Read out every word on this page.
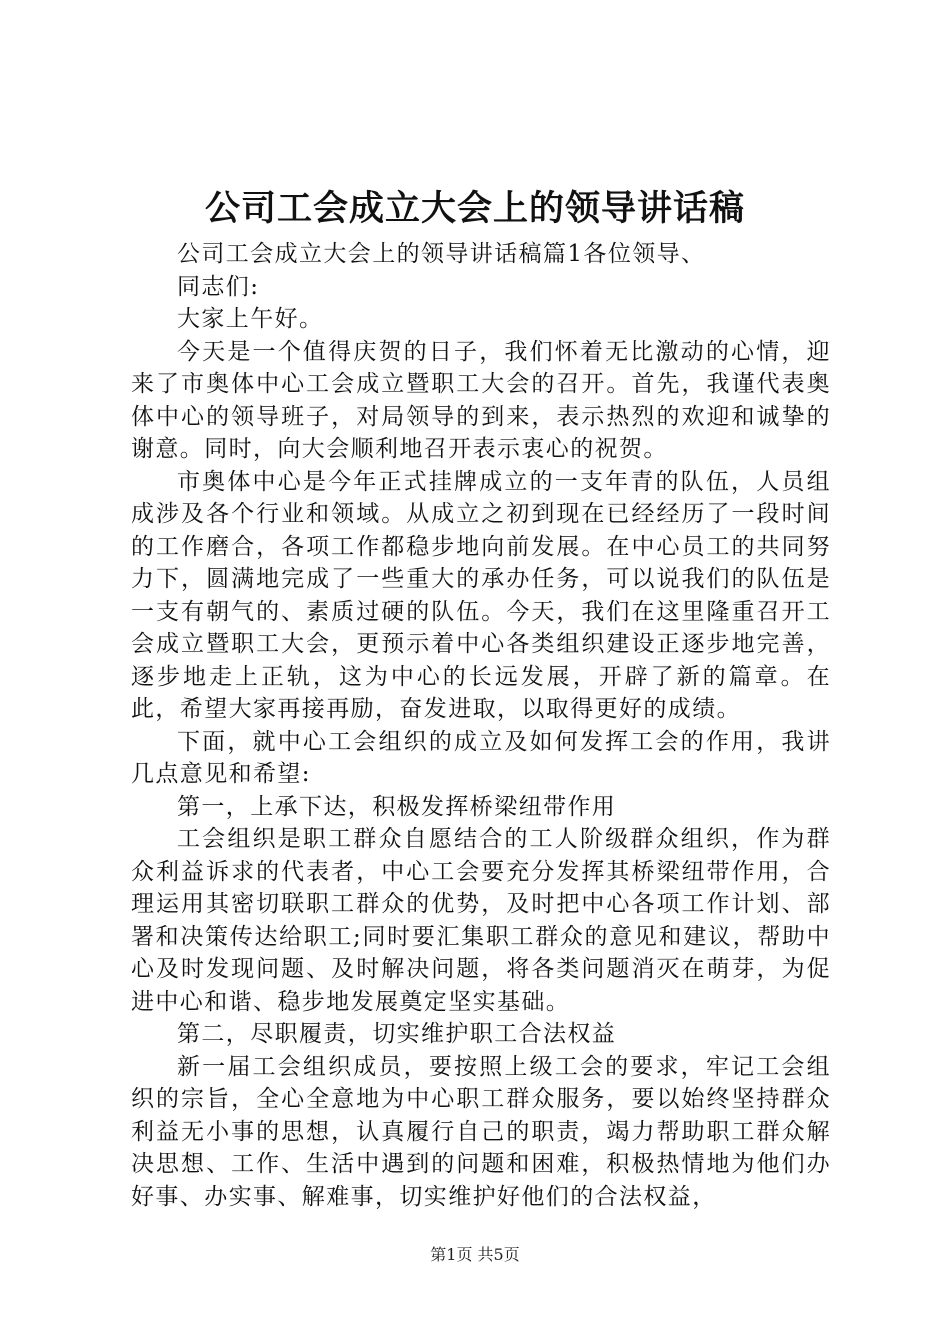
公司工会成立大会上的领导讲话稿

公司工会成立大会上的领导讲话稿篇1各位领导、

同志们:

大家上午好。

今天是一个值得庆贺的日子，我们怀着无比激动的心情，迎来了市奥体中心工会成立暨职工大会的召开。首先，我谨代表奥体中心的领导班子，对局领导的到来，表示热烈的欢迎和诚挚的谢意。同时，向大会顺利地召开表示衷心的祝贺。

市奥体中心是今年正式挂牌成立的一支年青的队伍，人员组成涉及各个行业和领域。从成立之初到现在已经经历了一段时间的工作磨合，各项工作都稳步地向前发展。在中心员工的共同努力下，圆满地完成了一些重大的承办任务，可以说我们的队伍是一支有朝气的、素质过硬的队伍。今天，我们在这里隆重召开工会成立暨职工大会，更预示着中心各类组织建设正逐步地完善，逐步地走上正轨，这为中心的长远发展，开辟了新的篇章。在此，希望大家再接再励，奋发进取，以取得更好的成绩。

下面，就中心工会组织的成立及如何发挥工会的作用，我讲几点意见和希望:

第一，上承下达，积极发挥桥梁纽带作用

工会组织是职工群众自愿结合的工人阶级群众组织，作为群众利益诉求的代表者，中心工会要充分发挥其桥梁纽带作用，合理运用其密切联职工群众的优势，及时把中心各项工作计划、部署和决策传达给职工;同时要汇集职工群众的意见和建议，帮助中心及时发现问题、及时解决问题，将各类问题消灭在萌芽，为促进中心和谐、稳步地发展奠定坚实基础。

第二，尽职履责，切实维护职工合法权益

新一届工会组织成员，要按照上级工会的要求，牢记工会组织的宗旨，全心全意地为中心职工群众服务，要以始终坚持群众利益无小事的思想，认真履行自己的职责，竭力帮助职工群众解决思想、工作、生活中遇到的问题和困难，积极热情地为他们办好事、办实事、解难事，切实维护好他们的合法权益，

第1页 共5页
